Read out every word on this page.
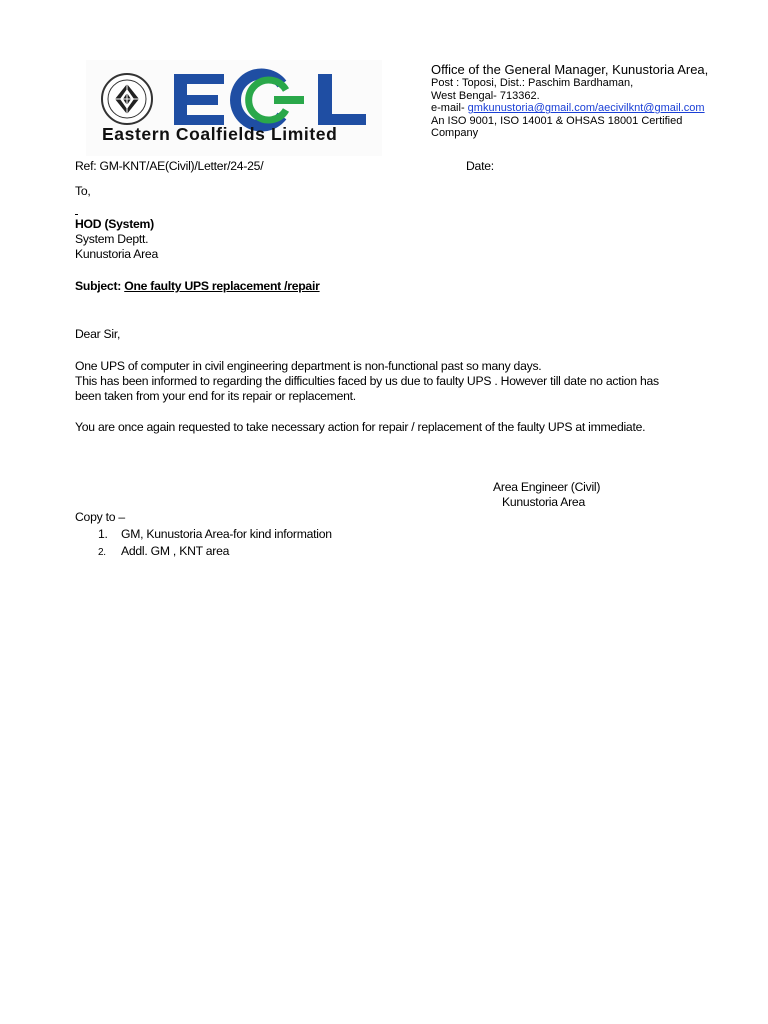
Eastern Coalfields Limited
Office of the General Manager, Kunustoria Area,
Post : Toposi, Dist.: Paschim Bardhaman,
West Bengal- 713362.
e-mail- gmkunustoria@gmail.com/aecivilknt@gmail.com
An ISO 9001, ISO 14001 & OHSAS 18001 Certified
Company
Ref: GM-KNT/AE(Civil)/Letter/24-25/	Date:
To,
HOD (System)
System Deptt.
Kunustoria Area
Subject: One faulty UPS replacement /repair
Dear Sir,
One UPS of computer in civil engineering department is non-functional past so many days.
This has been informed to regarding the difficulties faced by us due to faulty UPS . However till date no action has
been taken from your end for its repair or replacement.
You are once again requested to take necessary action for repair / replacement of the faulty UPS at immediate.
Area Engineer (Civil)
Kunustoria Area
Copy to –
1. GM, Kunustoria Area-for kind information
2. Addl. GM , KNT area
